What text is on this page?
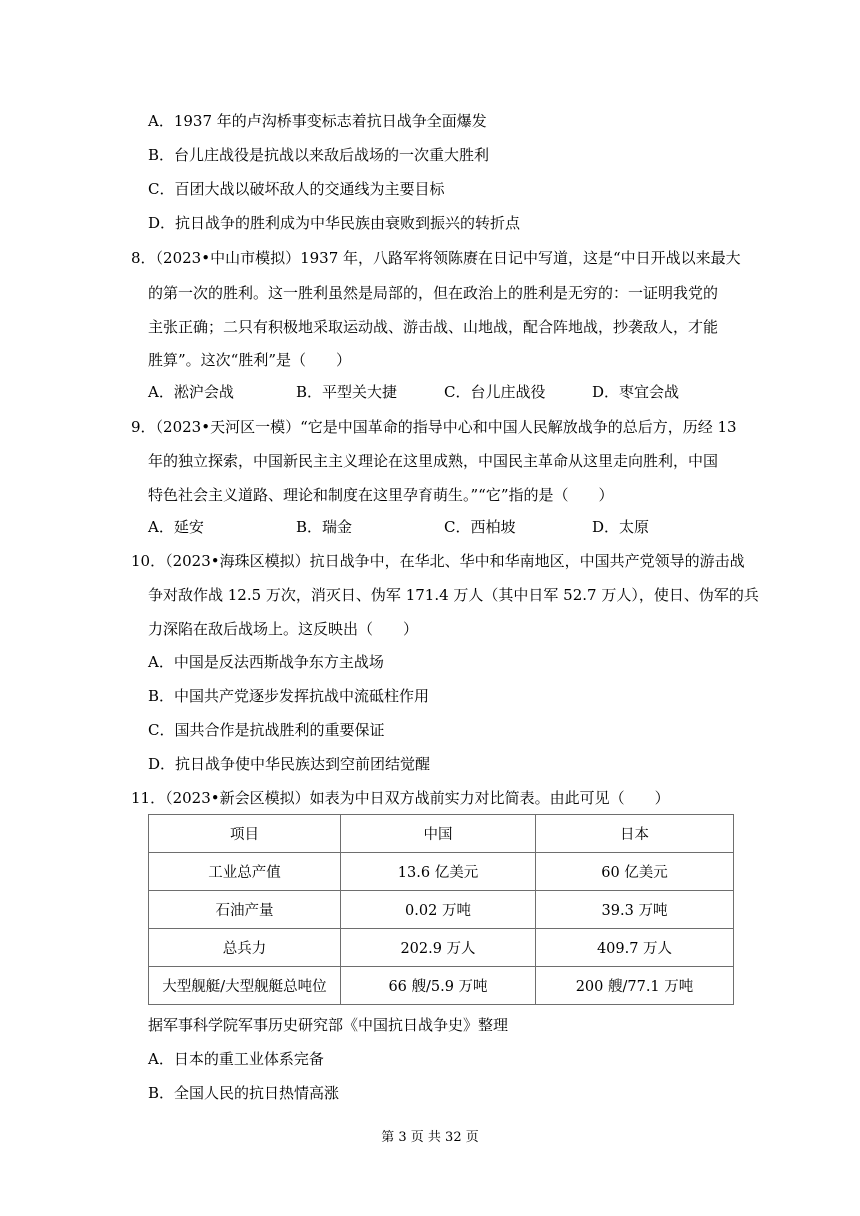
A．1937 年的卢沟桥事变标志着抗日战争全面爆发
B．台儿庄战役是抗战以来敌后战场的一次重大胜利
C．百团大战以破坏敌人的交通线为主要目标
D．抗日战争的胜利成为中华民族由衰败到振兴的转折点
8．（2023•中山市模拟）1937 年，八路军将领陈赓在日记中写道，这是“中日开战以来最大
的第一次的胜利。这一胜利虽然是局部的，但在政治上的胜利是无穷的：一证明我党的
主张正确；二只有积极地采取运动战、游击战、山地战，配合阵地战，抄袭敌人，才能
胜算”。这次“胜利”是（　　）
A．淞沪会战	B．平型关大捷	C．台儿庄战役	D．枣宜会战
9．（2023•天河区一模）“它是中国革命的指导中心和中国人民解放战争的总后方，历经 13
年的独立探索，中国新民主主义理论在这里成熟，中国民主革命从这里走向胜利，中国
特色社会主义道路、理论和制度在这里孕育萌生。”“它”指的是（　　）
A．延安	B．瑞金	C．西柏坡	D．太原
10．（2023•海珠区模拟）抗日战争中，在华北、华中和华南地区，中国共产党领导的游击战
争对敌作战 12.5 万次，消灭日、伪军 171.4 万人（其中日军 52.7 万人），使日、伪军的兵
力深陷在敌后战场上。这反映出（　　）
A．中国是反法西斯战争东方主战场
B．中国共产党逐步发挥抗战中流砥柱作用
C．国共合作是抗战胜利的重要保证
D．抗日战争使中华民族达到空前团结觉醒
11．（2023•新会区模拟）如表为中日双方战前实力对比简表。由此可见（　　）
项目	中国	日本
工业总产值	13.6 亿美元	60 亿美元
石油产量	0.02 万吨	39.3 万吨
总兵力	202.9 万人	409.7 万人
大型舰艇/大型舰艇总吨位	66 艘/5.9 万吨	200 艘/77.1 万吨
据军事科学院军事历史研究部《中国抗日战争史》整理
A．日本的重工业体系完备
B．全国人民的抗日热情高涨
第 3 页 共 32 页
